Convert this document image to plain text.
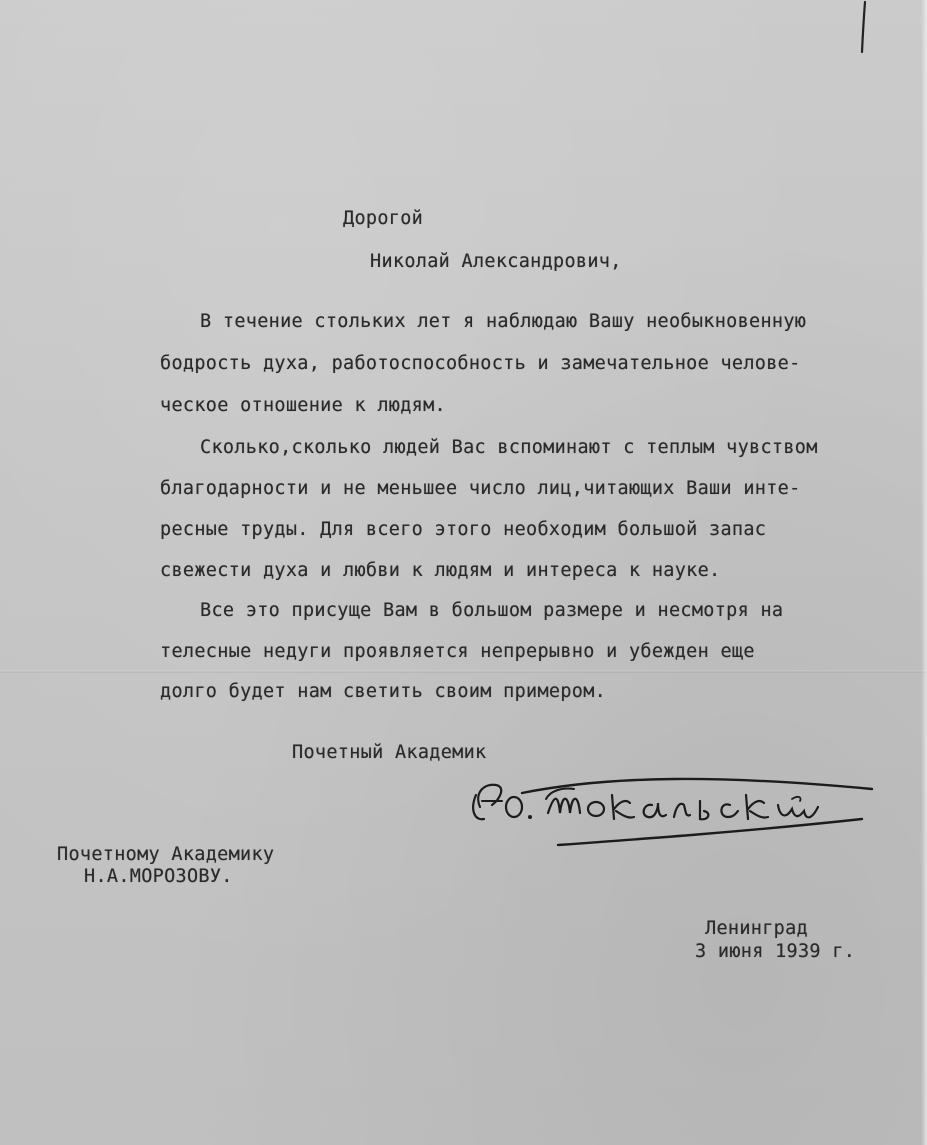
Дорогой
Николай Александрович,
В течение стольких лет я наблюдаю Вашу необыкновенную
бодрость духа, работоспособность и замечательное челове-
ческое отношение к людям.
Сколько,сколько людей Вас вспоминают с теплым чувством
благодарности и не меньшее число лиц,читающих Ваши инте-
ресные труды. Для всего этого необходим большой запас
свежести духа и любви к людям и интереса к науке.
Все это присуще Вам в большом размере и несмотря на
телесные недуги проявляется непрерывно и убежден еще
долго будет нам светить своим примером.
Почетный Академик
Почетному Академику
Н.А.МОРОЗОВУ.
Ленинград
3 июня 1939 г.
